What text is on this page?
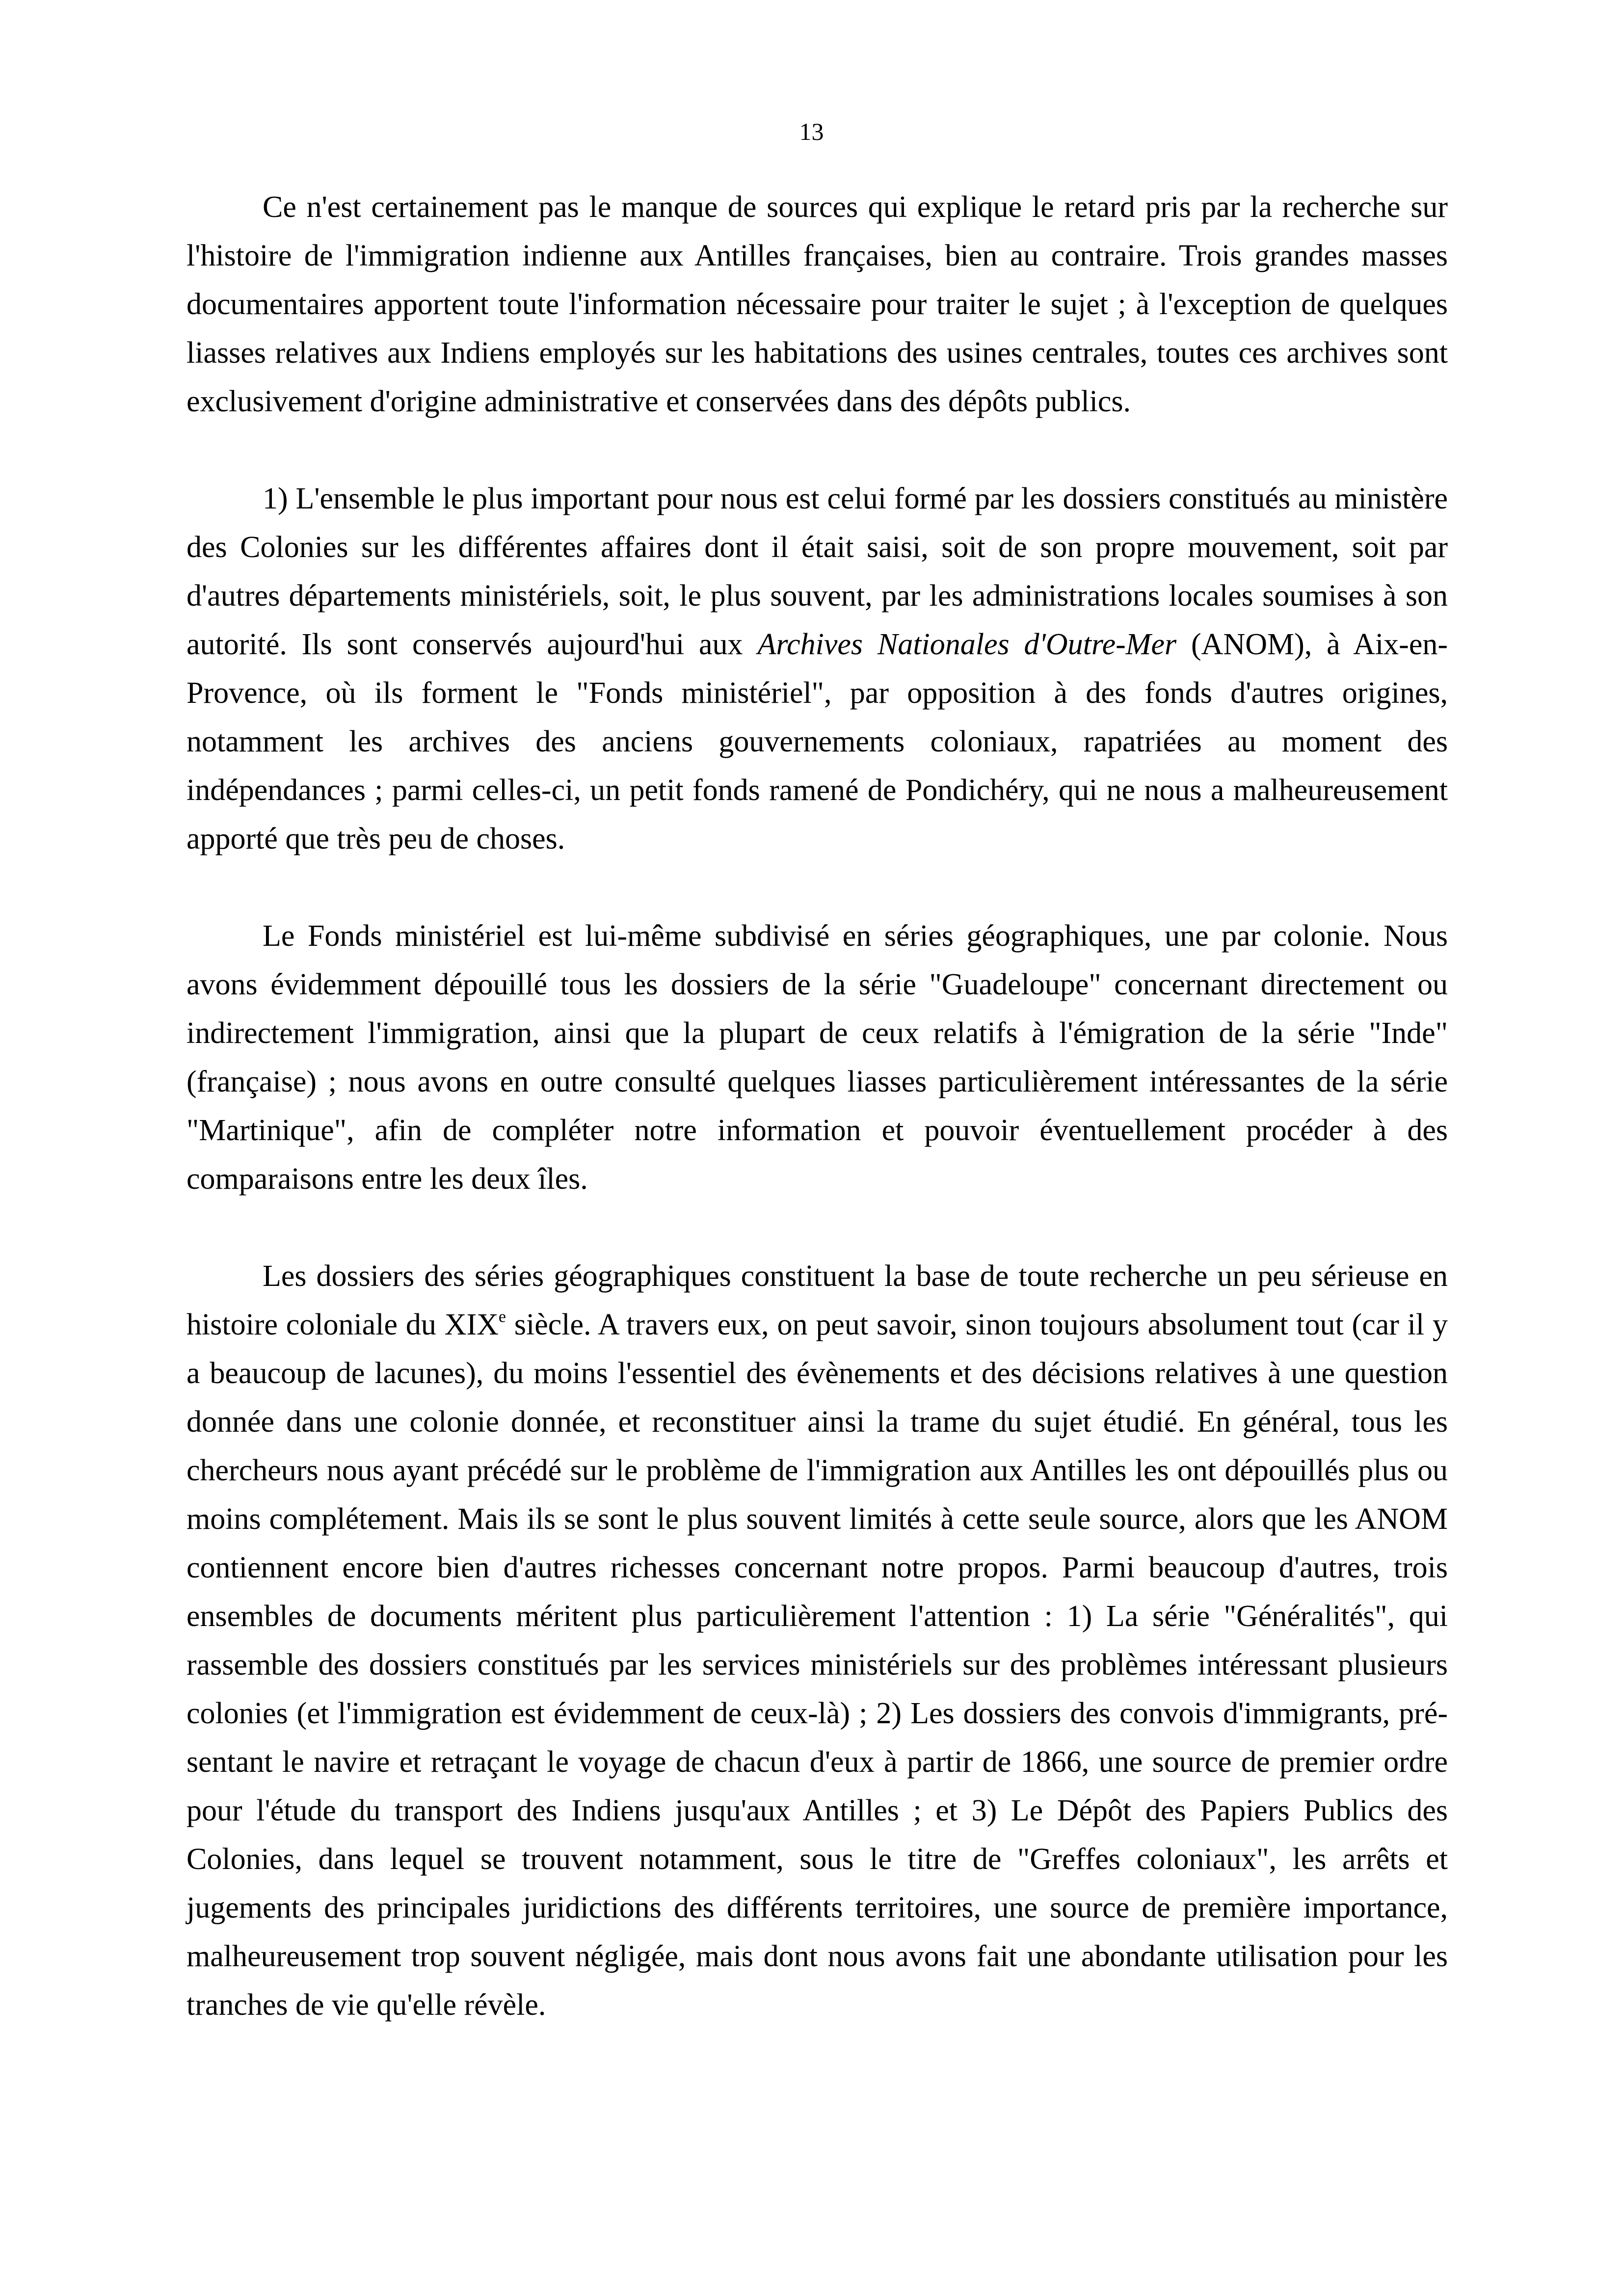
13

Ce n'est certainement pas le manque de sources qui explique le retard pris par la recherche sur l'histoire de l'immigration indienne aux Antilles françaises, bien au contraire. Trois grandes masses documentaires apportent toute l'information nécessaire pour traiter le sujet ; à l'exception de quelques liasses relatives aux Indiens employés sur les habitations des usines centrales, toutes ces archives sont exclusivement d'origine administrative et conservées dans des dépôts publics.

1) L'ensemble le plus important pour nous est celui formé par les dossiers constitués au ministère des Colonies sur les différentes affaires dont il était saisi, soit de son propre mouvement, soit par d'autres départements ministériels, soit, le plus souvent, par les administrations locales soumises à son autorité. Ils sont conservés aujourd'hui aux Archives Nationales d'Outre-Mer (ANOM), à Aix-en-Provence, où ils forment le "Fonds ministériel", par opposition à des fonds d'autres origines, notamment les archives des anciens gouvernements coloniaux, rapatriées au moment des indépendances ; parmi celles-ci, un petit fonds ramené de Pondichéry, qui ne nous a malheureusement apporté que très peu de choses.

Le Fonds ministériel est lui-même subdivisé en séries géographiques, une par colonie. Nous avons évidemment dépouillé tous les dossiers de la série "Guadeloupe" concernant directement ou indirectement l'immigration, ainsi que la plupart de ceux relatifs à l'émigration de la série "Inde" (française) ; nous avons en outre consulté quelques liasses particulièrement intéressantes de la série "Martinique", afin de compléter notre information et pouvoir éventuellement procéder à des comparaisons entre les deux îles.

Les dossiers des séries géographiques constituent la base de toute recherche un peu sérieuse en histoire coloniale du XIXe siècle. A travers eux, on peut savoir, sinon toujours absolument tout (car il y a beaucoup de lacunes), du moins l'essentiel des évènements et des décisions relatives à une question donnée dans une colonie donnée, et reconstituer ainsi la trame du sujet étudié. En général, tous les chercheurs nous ayant précédé sur le problème de l'immigration aux Antilles les ont dépouillés plus ou moins complétement. Mais ils se sont le plus souvent limités à cette seule source, alors que les ANOM contiennent encore bien d'autres richesses concernant notre propos. Parmi beaucoup d'autres, trois ensembles de documents méritent plus particulièrement l'attention : 1) La série "Généralités", qui rassemble des dossiers constitués par les services ministériels sur des problèmes intéressant plusieurs colonies (et l'immigration est évidemment de ceux-là) ; 2) Les dossiers des convois d'immigrants, présentant le navire et retraçant le voyage de chacun d'eux à partir de 1866, une source de premier ordre pour l'étude du transport des Indiens jusqu'aux Antilles ; et 3) Le Dépôt des Papiers Publics des Colonies, dans lequel se trouvent notamment, sous le titre de "Greffes coloniaux", les arrêts et jugements des principales juridictions des différents territoires, une source de première importance, malheureusement trop souvent négligée, mais dont nous avons fait une abondante utilisation pour les tranches de vie qu'elle révèle.
